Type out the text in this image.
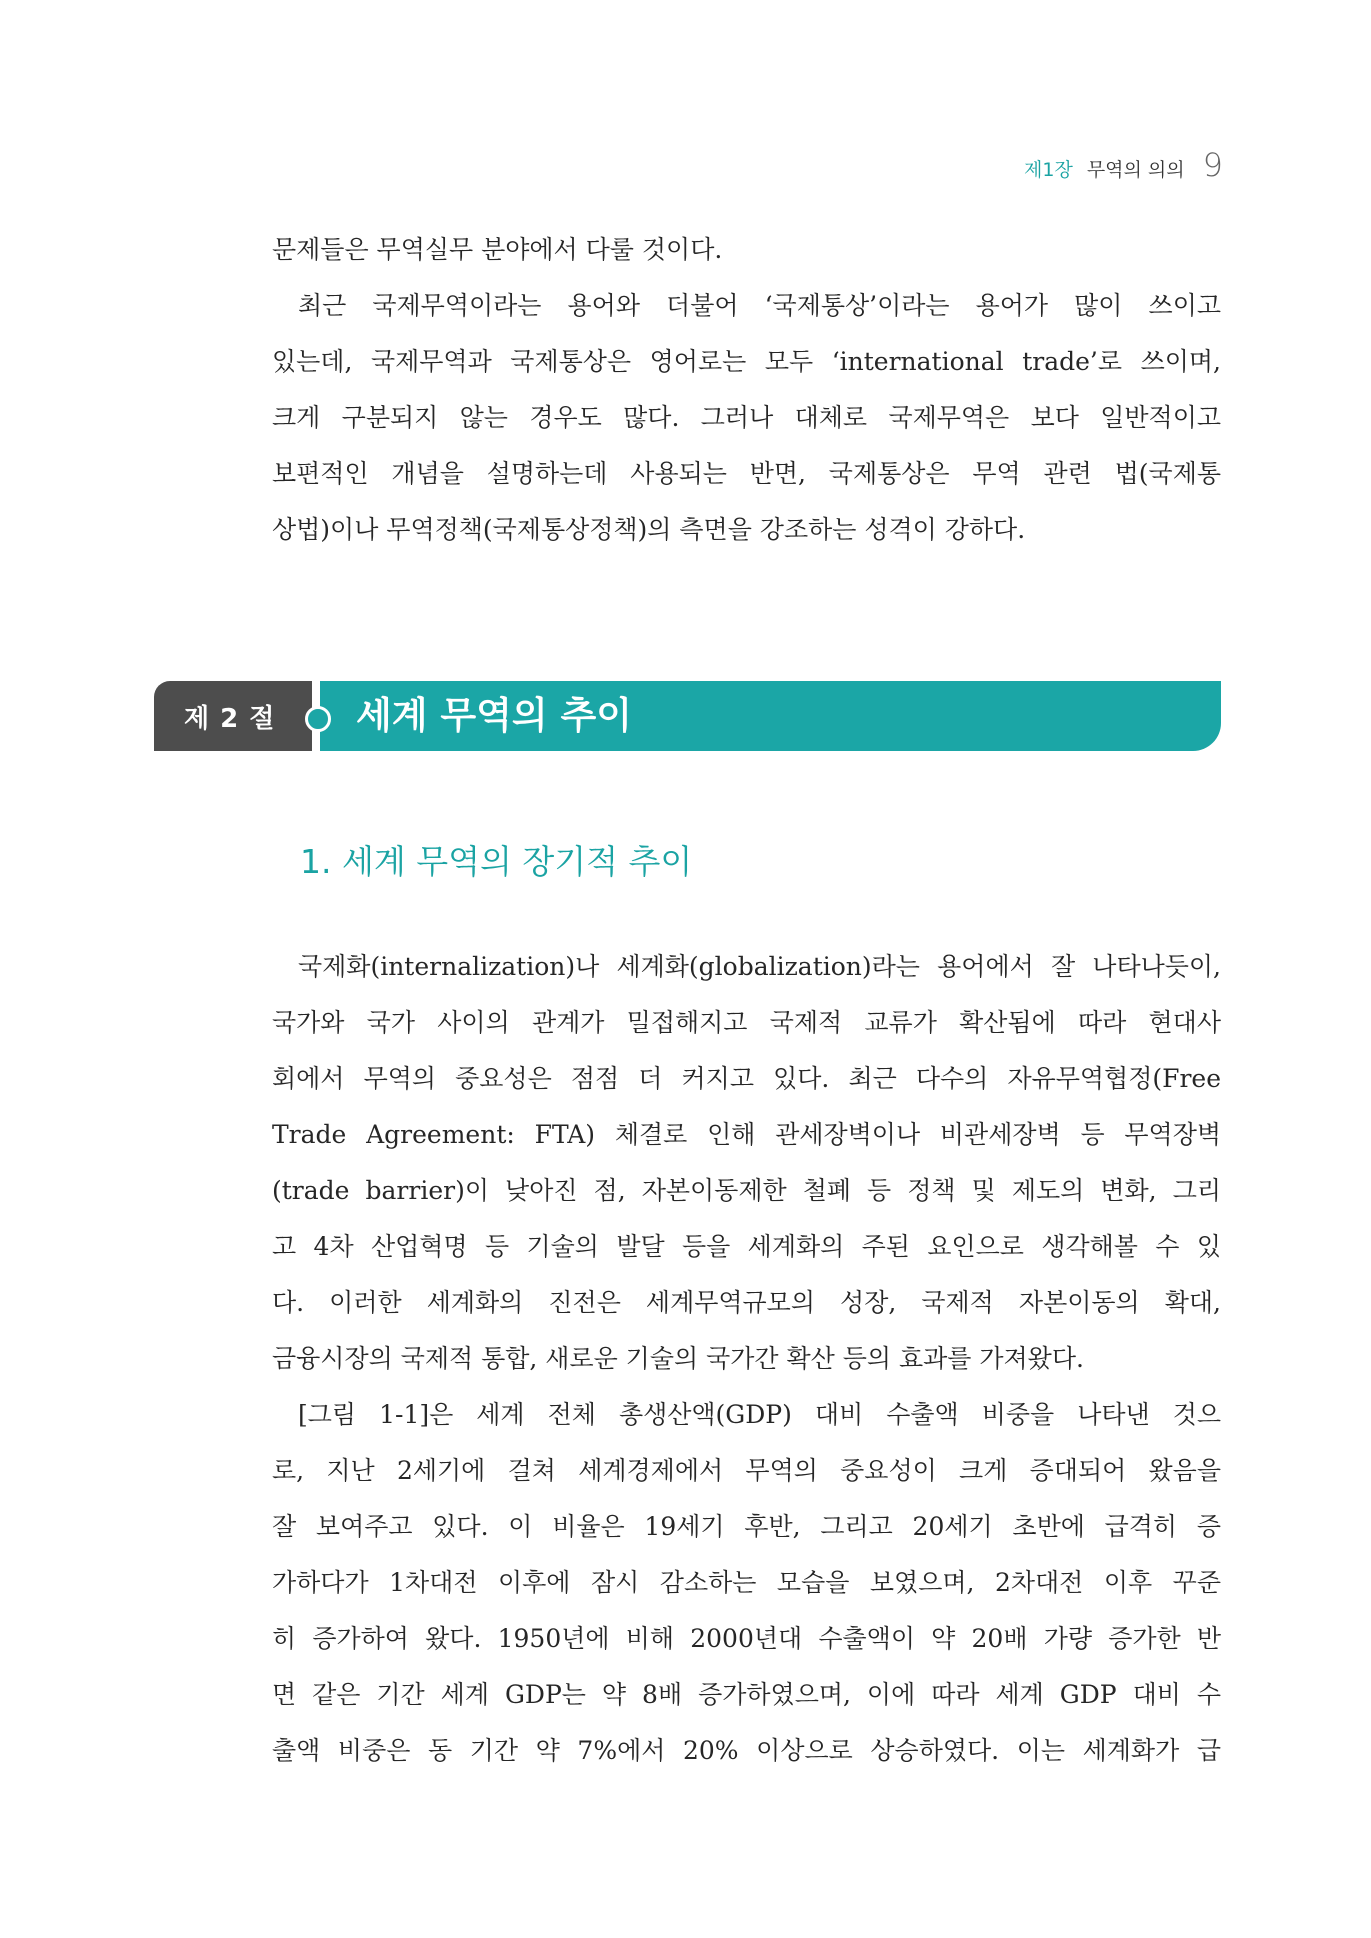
제1장 무역의 의의 9
문제들은 무역실무 분야에서 다룰 것이다.
최근 국제무역이라는 용어와 더불어 ‘국제통상’이라는 용어가 많이 쓰이고
있는데, 국제무역과 국제통상은 영어로는 모두 ‘international trade’로 쓰이며,
크게 구분되지 않는 경우도 많다. 그러나 대체로 국제무역은 보다 일반적이고
보편적인 개념을 설명하는데 사용되는 반면, 국제통상은 무역 관련 법(국제통
상법)이나 무역정책(국제통상정책)의 측면을 강조하는 성격이 강하다.
제 2 절 세계 무역의 추이
1. 세계 무역의 장기적 추이
국제화(internalization)나 세계화(globalization)라는 용어에서 잘 나타나듯이,
국가와 국가 사이의 관계가 밀접해지고 국제적 교류가 확산됨에 따라 현대사
회에서 무역의 중요성은 점점 더 커지고 있다. 최근 다수의 자유무역협정(Free
Trade Agreement: FTA) 체결로 인해 관세장벽이나 비관세장벽 등 무역장벽
(trade barrier)이 낮아진 점, 자본이동제한 철폐 등 정책 및 제도의 변화, 그리
고 4차 산업혁명 등 기술의 발달 등을 세계화의 주된 요인으로 생각해볼 수 있
다. 이러한 세계화의 진전은 세계무역규모의 성장, 국제적 자본이동의 확대,
금융시장의 국제적 통합, 새로운 기술의 국가간 확산 등의 효과를 가져왔다.
[그림 1-1]은 세계 전체 총생산액(GDP) 대비 수출액 비중을 나타낸 것으
로, 지난 2세기에 걸쳐 세계경제에서 무역의 중요성이 크게 증대되어 왔음을
잘 보여주고 있다. 이 비율은 19세기 후반, 그리고 20세기 초반에 급격히 증
가하다가 1차대전 이후에 잠시 감소하는 모습을 보였으며, 2차대전 이후 꾸준
히 증가하여 왔다. 1950년에 비해 2000년대 수출액이 약 20배 가량 증가한 반
면 같은 기간 세계 GDP는 약 8배 증가하였으며, 이에 따라 세계 GDP 대비 수
출액 비중은 동 기간 약 7%에서 20% 이상으로 상승하였다. 이는 세계화가 급
